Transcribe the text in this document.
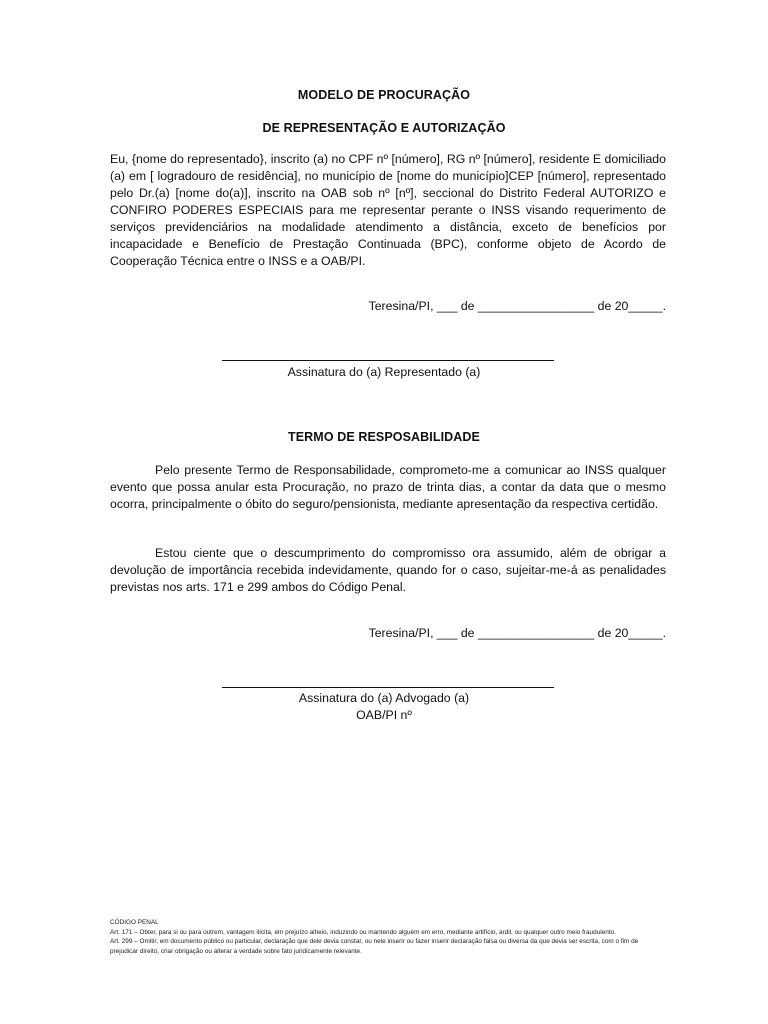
MODELO DE PROCURAÇÃO
DE REPRESENTAÇÃO E AUTORIZAÇÃO
Eu, {nome do representado}, inscrito (a) no CPF nº [número], RG nº [número], residente E domiciliado (a) em [ logradouro de residência], no município de [nome do município]CEP [número], representado pelo Dr.(a) [nome do(a)], inscrito na OAB sob nº [nº], seccional do Distrito Federal AUTORIZO e CONFIRO PODERES ESPECIAIS para me representar perante o INSS visando requerimento de serviços previdenciários na modalidade atendimento a distância, exceto de benefícios por incapacidade e Benefício de Prestação Continuada (BPC), conforme objeto de Acordo de Cooperação Técnica entre o INSS e a OAB/PI.
Teresina/PI, ___ de _________________ de 20_____.
Assinatura do (a) Representado (a)
TERMO DE RESPOSABILIDADE
Pelo presente Termo de Responsabilidade, comprometo-me a comunicar ao INSS qualquer evento que possa anular esta Procuração, no prazo de trinta dias, a contar da data que o mesmo ocorra, principalmente o óbito do seguro/pensionista, mediante apresentação da respectiva certidão.
Estou ciente que o descumprimento do compromisso ora assumido, além de obrigar a devolução de importância recebida indevidamente, quando for o caso, sujeitar-me-á as penalidades previstas nos arts. 171 e 299 ambos do Código Penal.
Teresina/PI, ___ de _________________ de 20_____.
Assinatura do (a) Advogado (a)
OAB/PI nº
CÓDIGO PENAL
Art. 171 – Obter, para si ou para outrem, vantagem ilícita, em prejuízo alheio, induzindo ou mantendo alguém em erro, mediante artifício, ardil, ou qualquer outro meio fraudulento.
Art. 299 – Omitir, em documento público ou particular, declaração que dele devia constar, ou nele inserir ou fazer inserir declaração falsa ou diversa da que devia ser escrita, com o fim de prejudicar direito, criar obrigação ou alterar a verdade sobre fato juridicamente relevante.
